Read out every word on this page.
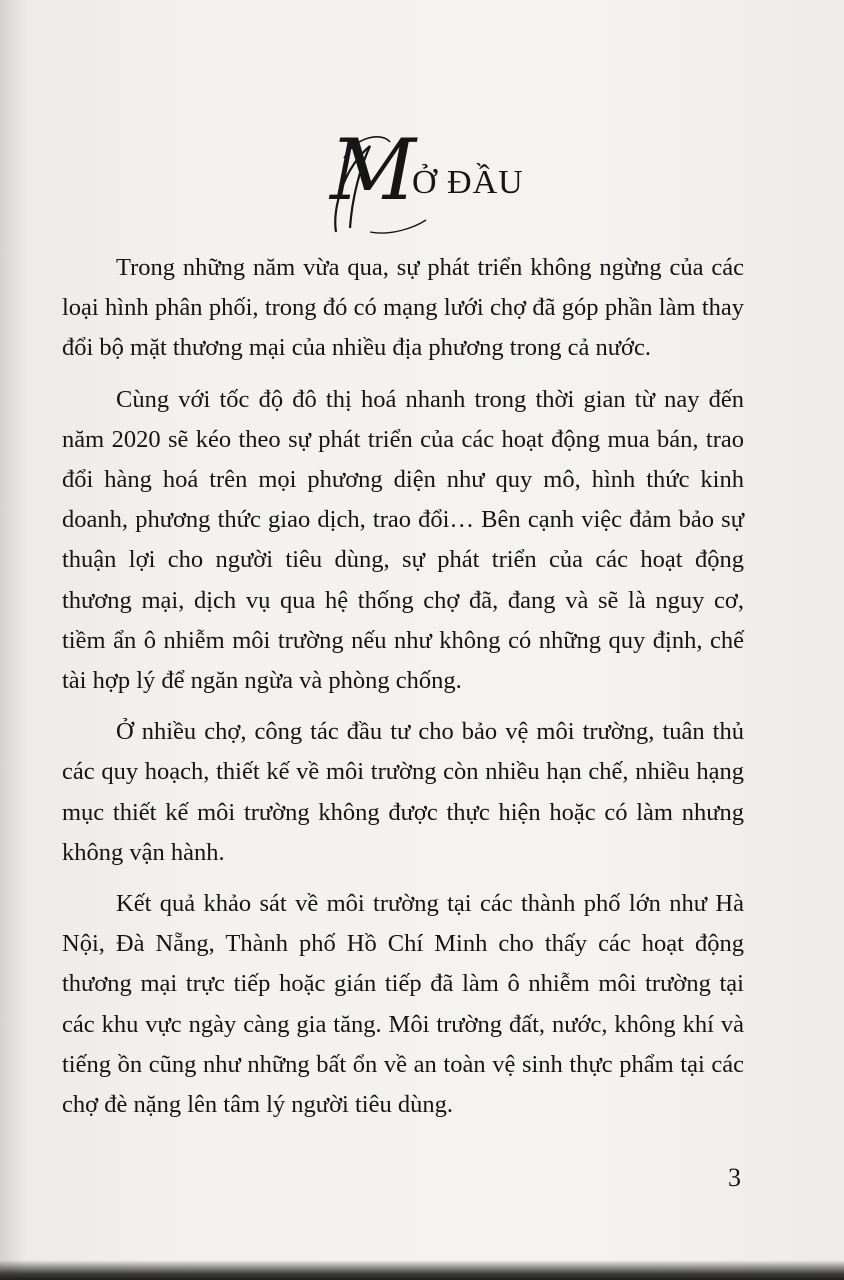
M
Ở ĐẦU

Trong những năm vừa qua, sự phát triển không ngừng của các loại hình phân phối, trong đó có mạng lưới chợ đã góp phần làm thay đổi bộ mặt thương mại của nhiều địa phương trong cả nước.

Cùng với tốc độ đô thị hoá nhanh trong thời gian từ nay đến năm 2020 sẽ kéo theo sự phát triển của các hoạt động mua bán, trao đổi hàng hoá trên mọi phương diện như quy mô, hình thức kinh doanh, phương thức giao dịch, trao đổi… Bên cạnh việc đảm bảo sự thuận lợi cho người tiêu dùng, sự phát triển của các hoạt động thương mại, dịch vụ qua hệ thống chợ đã, đang và sẽ là nguy cơ, tiềm ẩn ô nhiễm môi trường nếu như không có những quy định, chế tài hợp lý để ngăn ngừa và phòng chống.

Ở nhiều chợ, công tác đầu tư cho bảo vệ môi trường, tuân thủ các quy hoạch, thiết kế về môi trường còn nhiều hạn chế, nhiều hạng mục thiết kế môi trường không được thực hiện hoặc có làm nhưng không vận hành.

Kết quả khảo sát về môi trường tại các thành phố lớn như Hà Nội, Đà Nẵng, Thành phố Hồ Chí Minh cho thấy các hoạt động thương mại trực tiếp hoặc gián tiếp đã làm ô nhiễm môi trường tại các khu vực ngày càng gia tăng. Môi trường đất, nước, không khí và tiếng ồn cũng như những bất ổn về an toàn vệ sinh thực phẩm tại các chợ đè nặng lên tâm lý người tiêu dùng.

3
